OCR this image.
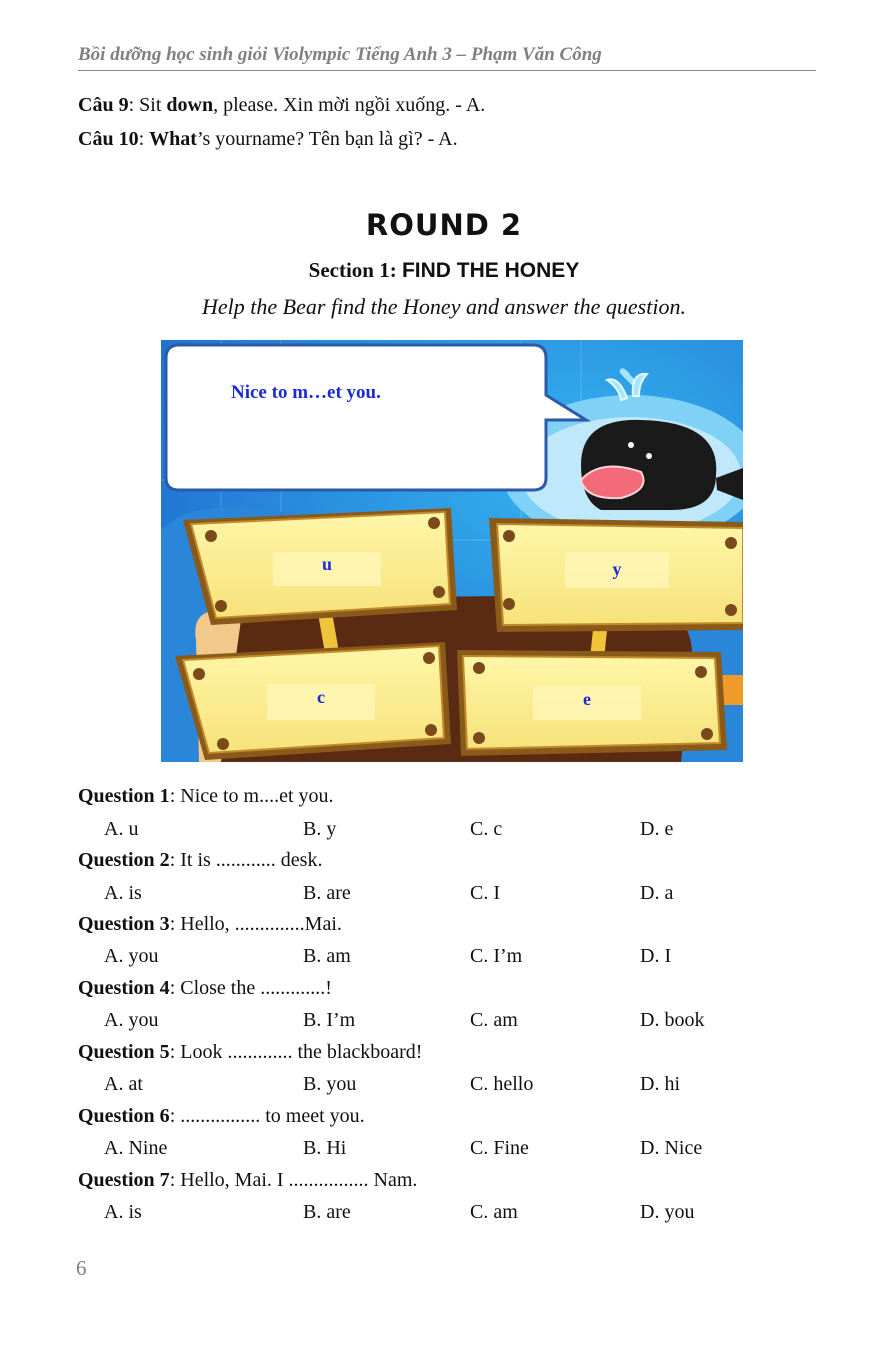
Bồi dưỡng học sinh giỏi Violympic Tiếng Anh 3 – Phạm Văn Công
Câu 9: Sit down, please. Xin mời ngồi xuống. - A.
Câu 10: What’s yourname? Tên bạn là gì? - A.
ROUND 2
Section 1: FIND THE HONEY
Help the Bear find the Honey and answer the question.
Nice to m…et you.
u	y
c	e
Question 1: Nice to m....et you.
A. u	B. y	C. c	D. e
Question 2: It is ............ desk.
A. is	B. are	C. I	D. a
Question 3: Hello, ..............Mai.
A. you	B. am	C. I’m	D. I
Question 4: Close the .............!
A. you	B. I’m	C. am	D. book
Question 5: Look ............. the blackboard!
A. at	B. you	C. hello	D. hi
Question 6: ................ to meet you.
A. Nine	B. Hi	C. Fine	D. Nice
Question 7: Hello, Mai. I ................ Nam.
A. is	B. are	C. am	D. you
6
